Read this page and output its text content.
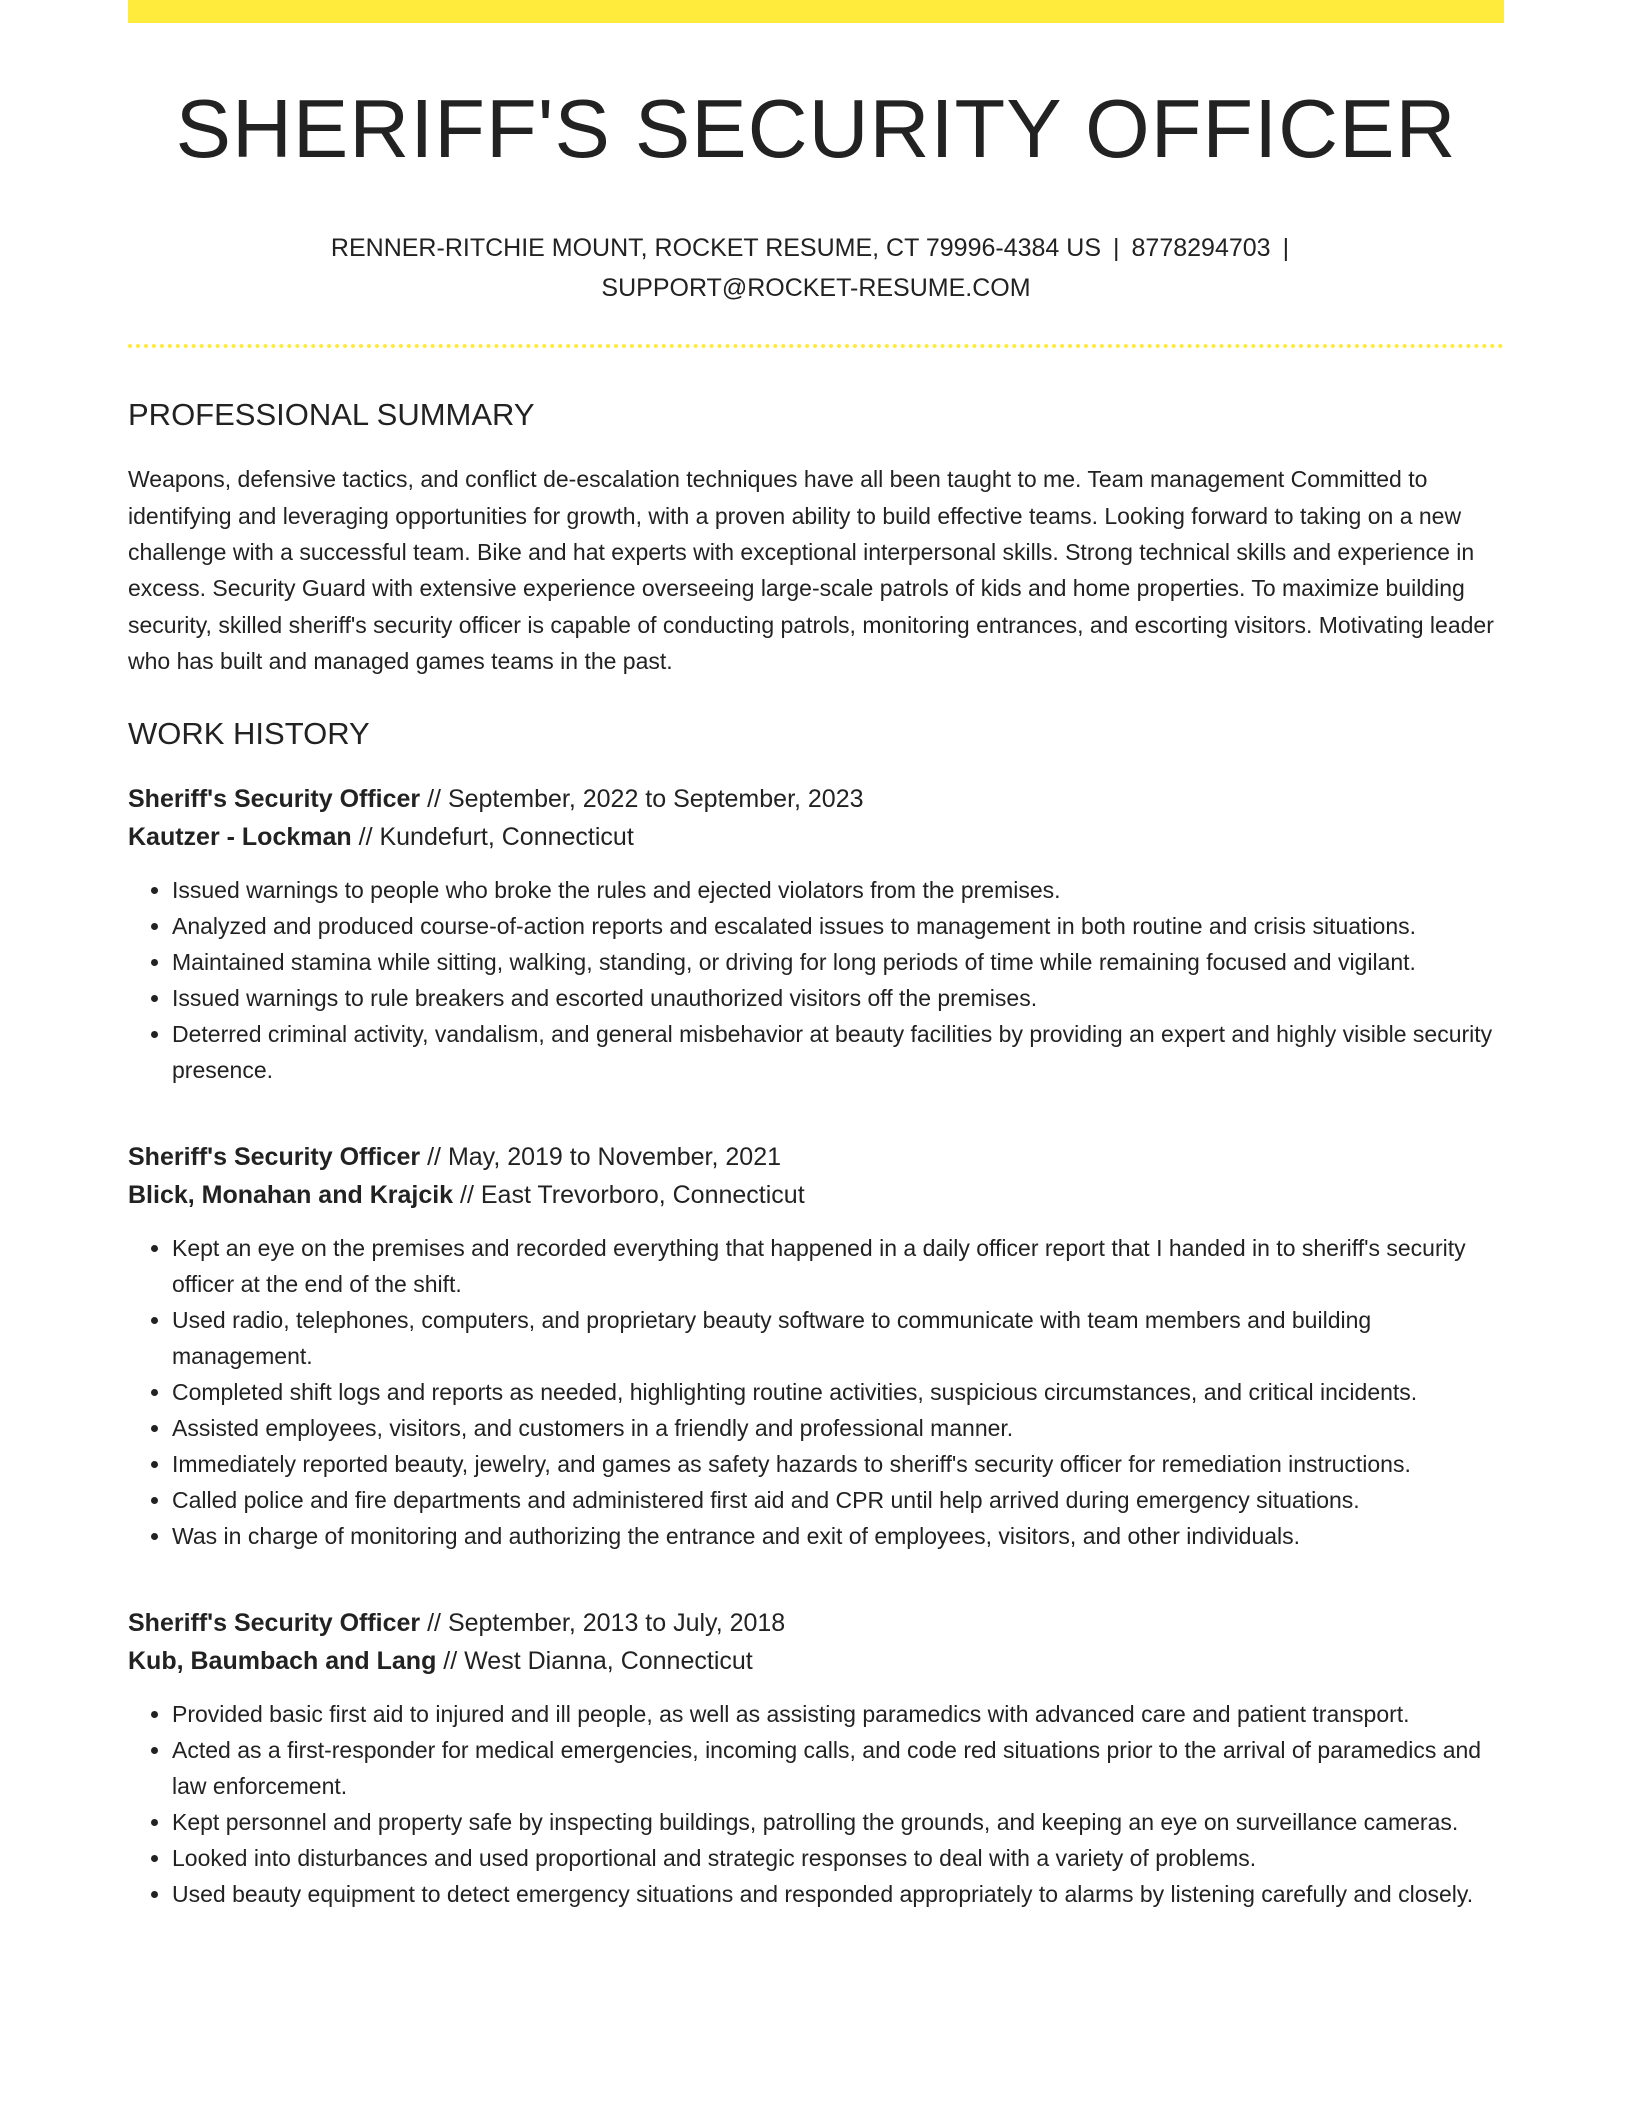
SHERIFF'S SECURITY OFFICER
RENNER-RITCHIE MOUNT, ROCKET RESUME, CT 79996-4384 US | 8778294703 |
SUPPORT@ROCKET-RESUME.COM
PROFESSIONAL SUMMARY

Weapons, defensive tactics, and conflict de-escalation techniques have all been taught to me. Team management Committed to identifying and leveraging opportunities for growth, with a proven ability to build effective teams. Looking forward to taking on a new challenge with a successful team. Bike and hat experts with exceptional interpersonal skills. Strong technical skills and experience in excess. Security Guard with extensive experience overseeing large-scale patrols of kids and home properties. To maximize building security, skilled sheriff's security officer is capable of conducting patrols, monitoring entrances, and escorting visitors. Motivating leader who has built and managed games teams in the past.

WORK HISTORY
Sheriff's Security Officer // September, 2022 to September, 2023
Kautzer - Lockman // Kundefurt, Connecticut
• Issued warnings to people who broke the rules and ejected violators from the premises.
• Analyzed and produced course-of-action reports and escalated issues to management in both routine and crisis situations.
• Maintained stamina while sitting, walking, standing, or driving for long periods of time while remaining focused and vigilant.
• Issued warnings to rule breakers and escorted unauthorized visitors off the premises.
• Deterred criminal activity, vandalism, and general misbehavior at beauty facilities by providing an expert and highly visible security presence.
Sheriff's Security Officer // May, 2019 to November, 2021
Blick, Monahan and Krajcik // East Trevorboro, Connecticut
• Kept an eye on the premises and recorded everything that happened in a daily officer report that I handed in to sheriff's security officer at the end of the shift.
• Used radio, telephones, computers, and proprietary beauty software to communicate with team members and building management.
• Completed shift logs and reports as needed, highlighting routine activities, suspicious circumstances, and critical incidents.
• Assisted employees, visitors, and customers in a friendly and professional manner.
• Immediately reported beauty, jewelry, and games as safety hazards to sheriff's security officer for remediation instructions.
• Called police and fire departments and administered first aid and CPR until help arrived during emergency situations.
• Was in charge of monitoring and authorizing the entrance and exit of employees, visitors, and other individuals.
Sheriff's Security Officer // September, 2013 to July, 2018
Kub, Baumbach and Lang // West Dianna, Connecticut
• Provided basic first aid to injured and ill people, as well as assisting paramedics with advanced care and patient transport.
• Acted as a first-responder for medical emergencies, incoming calls, and code red situations prior to the arrival of paramedics and law enforcement.
• Kept personnel and property safe by inspecting buildings, patrolling the grounds, and keeping an eye on surveillance cameras.
• Looked into disturbances and used proportional and strategic responses to deal with a variety of problems.
• Used beauty equipment to detect emergency situations and responded appropriately to alarms by listening carefully and closely.
